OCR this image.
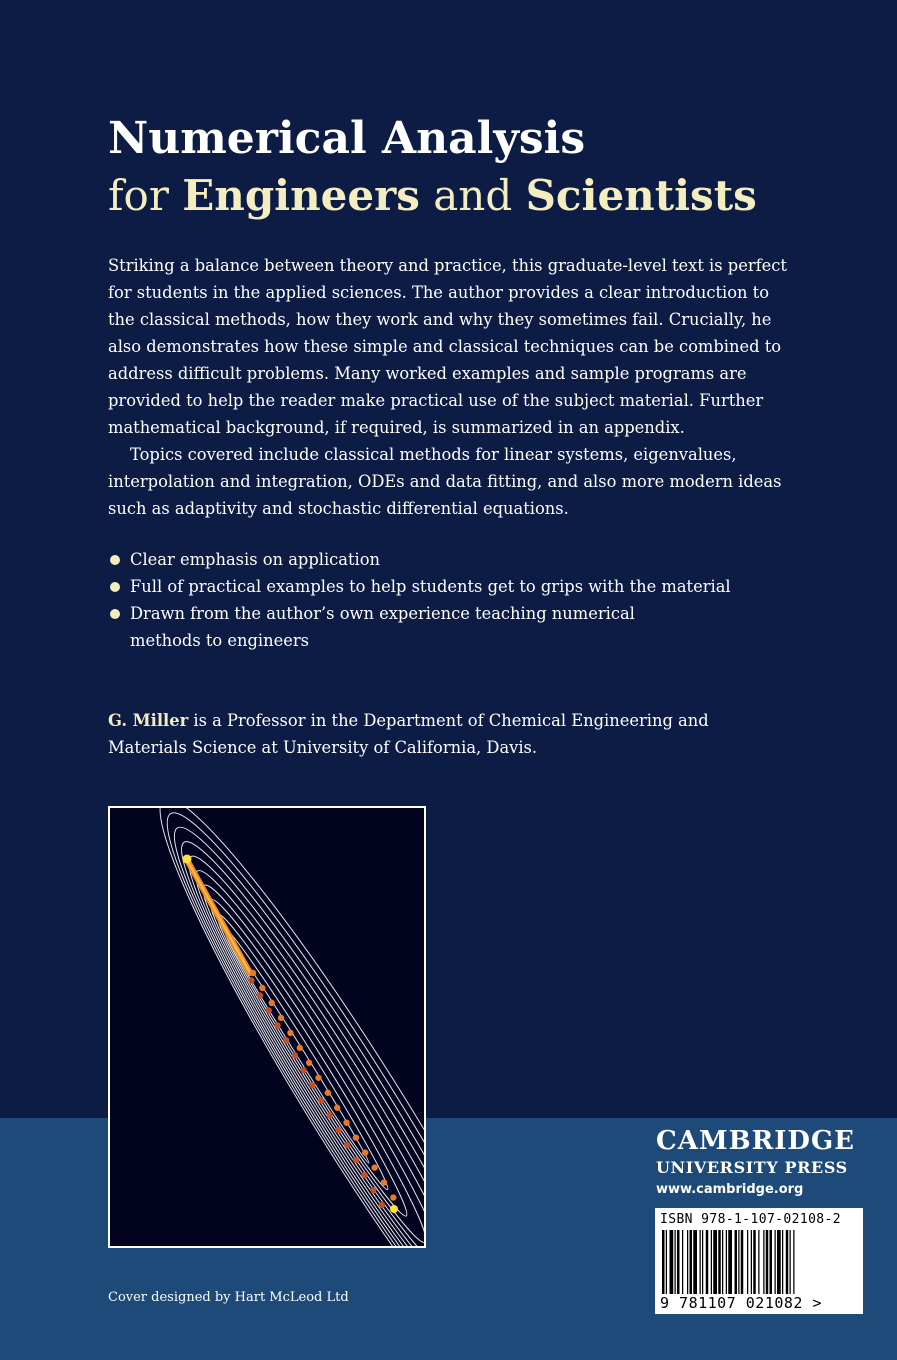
Numerical Analysis
for Engineers and Scientists

Striking a balance between theory and practice, this graduate-level text is perfect for students in the applied sciences. The author provides a clear introduction to the classical methods, how they work and why they sometimes fail. Crucially, he also demonstrates how these simple and classical techniques can be combined to address difficult problems. Many worked examples and sample programs are provided to help the reader make practical use of the subject material. Further mathematical background, if required, is summarized in an appendix.

Topics covered include classical methods for linear systems, eigenvalues, interpolation and integration, ODEs and data fitting, and also more modern ideas such as adaptivity and stochastic differential equations.

Clear emphasis on application
Full of practical examples to help students get to grips with the material
Drawn from the author’s own experience teaching numerical methods to engineers
G. Miller is a Professor in the Department of Chemical Engineering and Materials Science at University of California, Davis.
Cover designed by Hart McLeod Ltd
CAMBRIDGE
UNIVERSITY PRESS
www.cambridge.org
ISBN 978-1-107-02108-2
9 781107 021082 >
